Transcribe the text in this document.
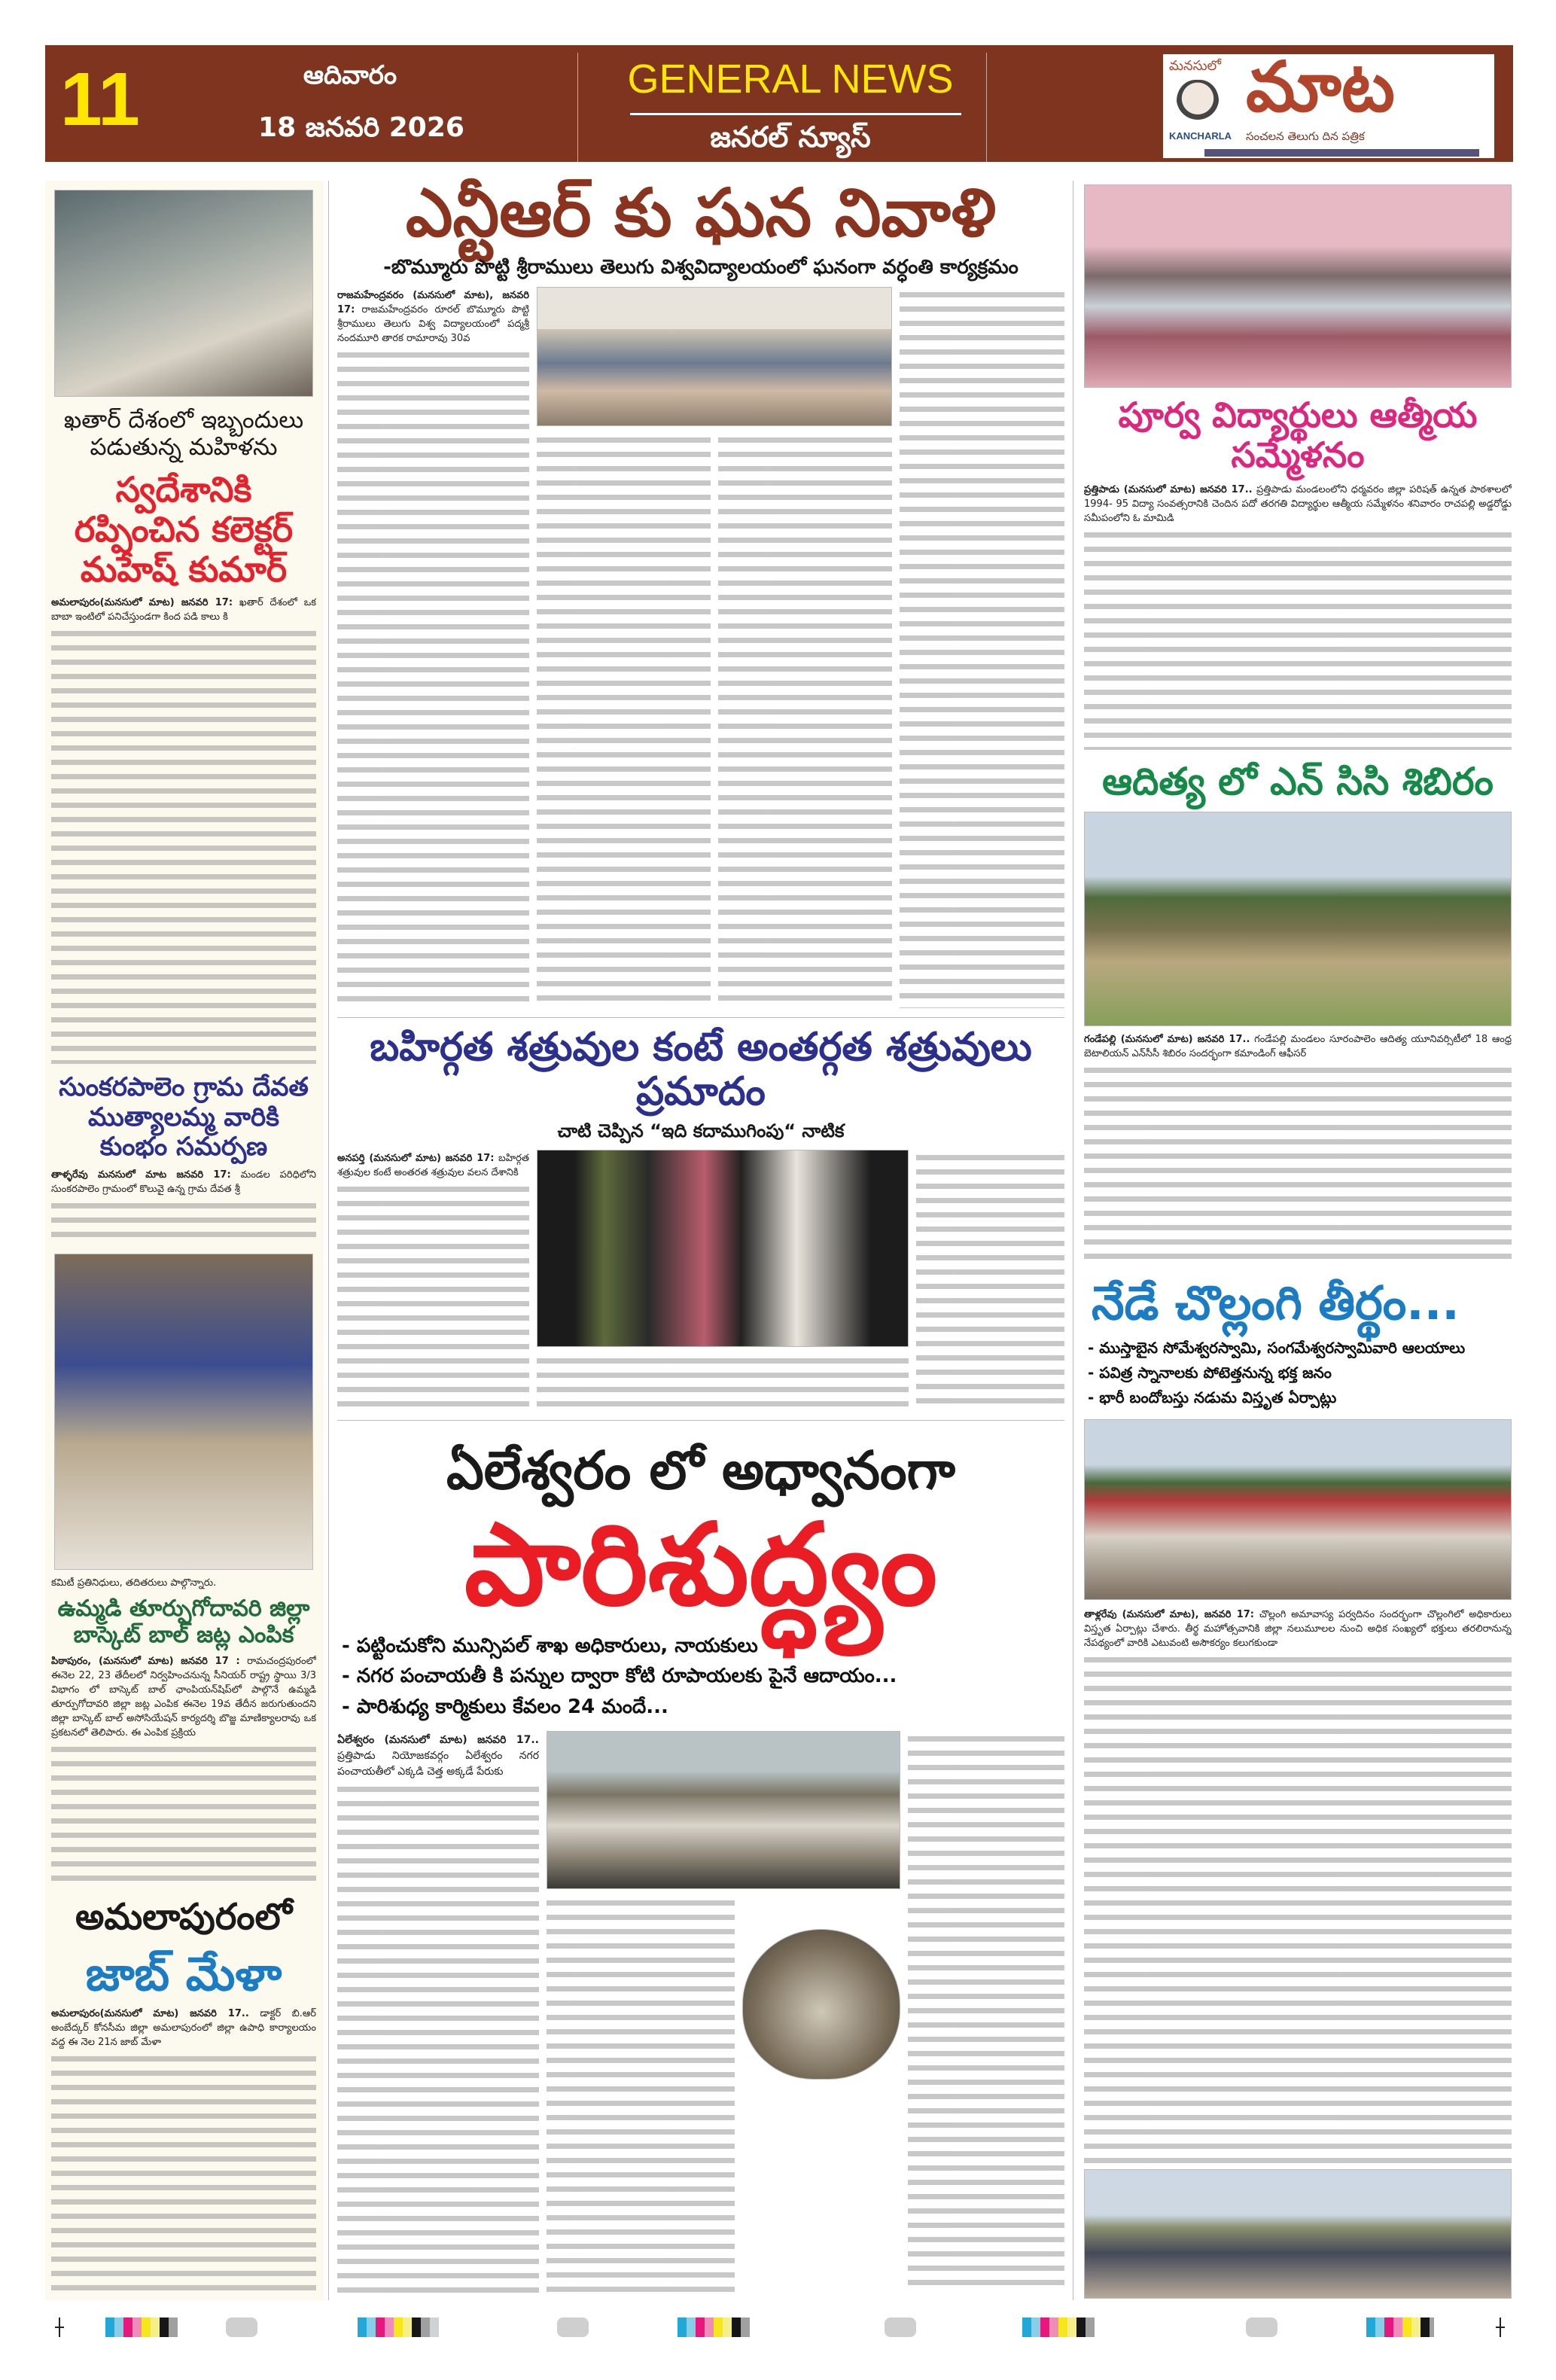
11	ఆదివారం
18 జనవరి 2026
GENERAL NEWS
జనరల్ న్యూస్
మనసులో మాట
KANCHARLA సంచలన తెలుగు దిన పత్రిక
ఖతార్ దేశంలో ఇబ్బందులు పడుతున్న మహిళను
స్వదేశానికి రప్పించిన కలెక్టర్ మహేష్ కుమార్
అమలాపురం(మనసులో మాట) జనవరి 17: ఖతార్ దేశంలో ఒక బాబా ఇంటిలో పనిచేస్తుండగా కింద పడి కాలు కి
సుంకరపాలెం గ్రామ దేవత ముత్యాలమ్మ వారికి కుంభం సమర్పణ
తాళ్ళరేవు మనసులో మాట జనవరి 17: మండల పరిధిలోని సుంకరపాలెం గ్రామంలో కొలువై ఉన్న గ్రామ దేవత శ్రీ
కమిటీ ప్రతినిధులు, తదితరులు పాల్గొన్నారు.
ఉమ్మడి తూర్పుగోదావరి జిల్లా బాస్కెట్ బాల్ జట్ల ఎంపిక
పిఠాపురం, (మనసులో మాట) జనవరి 17 : రామచంద్రపురంలో ఈనెల 22, 23 తేదీలలో నిర్వహించనున్న సీనియర్ రాష్ట్ర స్థాయి 3/3 విభాగం లో బాస్కెట్ బాల్ ఛాంపియన్‌షిప్‌లో పాల్గొనే ఉమ్మడి తూర్పుగోదావరి జిల్లా జట్ల ఎంపిక ఈనెల 19వ తేదీన జరుగుతుందని జిల్లా బాస్కెట్ బాల్ అసోసియేషన్ కార్యదర్శి బొజ్జ మాణిక్యాలరావు ఒక ప్రకటనలో తెలిపారు. ఈ ఎంపిక ప్రక్రియ
అమలాపురంలో
జాబ్ మేళా
అమలాపురం(మనసులో మాట) జనవరి 17.. డాక్టర్ బి.ఆర్ అంబేద్కర్ కోనసీమ జిల్లా అమలాపురంలో జిల్లా ఉపాధి కార్యాలయం వద్ద ఈ నెల 21న జాబ్ మేళా
ఎన్టీఆర్ కు ఘన నివాళి
-బొమ్మూరు పొట్టి శ్రీరాములు తెలుగు విశ్వవిద్యాలయంలో ఘనంగా వర్ధంతి కార్యక్రమం
రాజమహేంద్రవరం (మనసులో మాట), జనవరి 17: రాజమహేంద్రవరం రూరల్ బొమ్మూరు పొట్టి శ్రీరాములు తెలుగు విశ్వ విద్యాలయంలో పద్మశ్రీ నందమూరి తారక రామారావు 30వ
బహిర్గత శత్రువుల కంటే అంతర్గత శత్రువులు ప్రమాదం
చాటి చెప్పిన “ఇది కదాముగింపు“ నాటిక
అనపర్తి (మనసులో మాట) జనవరి 17: బహిర్గత శత్రువుల కంటే అంతరత శత్రువుల వలన దేశానికి
ఏలేశ్వరం లో అధ్వానంగా
పారిశుద్ధ్యం
- పట్టించుకోని మున్సిపల్ శాఖ అధికారులు, నాయకులు
- నగర పంచాయతీ కి పన్నుల ద్వారా కోటి రూపాయలకు పైనే ఆదాయం...
- పారిశుధ్య కార్మికులు కేవలం 24 మందే...
ఏలేశ్వరం (మనసులో మాట) జనవరి 17.. ప్రత్తిపాడు నియోజకవర్గం ఏలేశ్వరం నగర పంచాయతీలో ఎక్కడి చెత్త అక్కడే పేరుకు
పూర్వ విద్యార్థులు ఆత్మీయ సమ్మేళనం
ప్రత్తిపాడు (మనసులో మాట) జనవరి 17.. ప్రత్తిపాడు మండలంలోని ధర్మవరం జిల్లా పరిషత్ ఉన్నత పాఠశాలలో 1994- 95 విద్యా సంవత్సరానికి చెందిన పదో తరగతి విద్యార్థుల ఆత్మీయ సమ్మేళనం శనివారం రాచపల్లి అడ్డరోడ్డు సమీపంలోని ఓ మామిడి
ఆదిత్య లో ఎన్ సిసి శిబిరం
గండేపల్లి (మనసులో మాట) జనవరి 17.. గండేపల్లి మండలం సూరంపాలెం ఆదిత్య యూనివర్సిటీలో 18 ఆంధ్ర బెటాలియన్ ఎన్‌సీసీ శిబిరం సందర్భంగా కమాండింగ్ ఆఫీసర్
నేడే చొల్లంగి తీర్థం...
- ముస్తాబైన సోమేశ్వరస్వామి, సంగమేశ్వరస్వామివారి ఆలయాలు
- పవిత్ర స్నానాలకు పోటెత్తనున్న భక్త జనం
- భారీ బందోబస్తు నడుమ విస్తృత ఏర్పాట్లు
తాళ్లరేవు (మనసులో మాట), జనవరి 17: చొల్లంగి అమావాస్య పర్వదినం సందర్భంగా చొల్లంగిలో అధికారులు విస్తృత ఏర్పాట్లు చేశారు. తీర్థ మహోత్సవానికి జిల్లా నలుమూలల నుంచి అధిక సంఖ్యలో భక్తులు తరలిరానున్న నేపథ్యంలో వారికి ఎటువంటి అసౌకర్యం కలుగకుండా
